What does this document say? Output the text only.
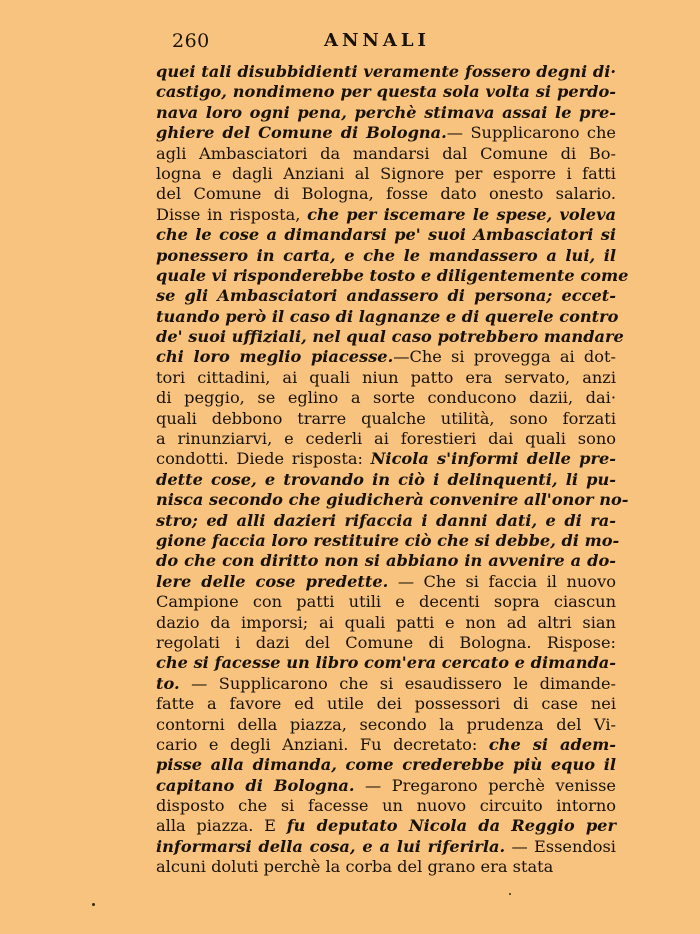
260	ANNALI
quei tali disubbidienti veramente fossero degni di·
castigo, nondimeno per questa sola volta si perdo-
nava loro ogni pena, perchè stimava assai le pre-
ghiere del Comune di Bologna.— Supplicarono che
agli Ambasciatori da mandarsi dal Comune di Bo-
logna e dagli Anziani al Signore per esporre i fatti
del Comune di Bologna, fosse dato onesto salario.
Disse in risposta, che per iscemare le spese, voleva
che le cose a dimandarsi pe' suoi Ambasciatori si
ponessero in carta, e che le mandassero a lui, il
quale vi risponderebbe tosto e diligentemente come
se gli Ambasciatori andassero di persona; eccet-
tuando però il caso di lagnanze e di querele contro
de' suoi uffiziali, nel qual caso potrebbero mandare
chi loro meglio piacesse.—Che si provegga ai dot-
tori cittadini, ai quali niun patto era servato, anzi
di peggio, se eglino a sorte conducono dazii, dai·
quali debbono trarre qualche utilità, sono forzati
a rinunziarvi, e cederli ai forestieri dai quali sono
condotti. Diede risposta: Nicola s'informi delle pre-
dette cose, e trovando in ciò i delinquenti, li pu-
nisca secondo che giudicherà convenire all'onor no-
stro; ed alli dazieri rifaccia i danni dati, e di ra-
gione faccia loro restituire ciò che si debbe, di mo-
do che con diritto non si abbiano in avvenire a do-
lere delle cose predette. — Che si faccia il nuovo
Campione con patti utili e decenti sopra ciascun
dazio da imporsi; ai quali patti e non ad altri sian
regolati i dazi del Comune di Bologna. Rispose:
che si facesse un libro com'era cercato e dimanda-
to. — Supplicarono che si esaudissero le dimande-
fatte a favore ed utile dei possessori di case nei
contorni della piazza, secondo la prudenza del Vi-
cario e degli Anziani. Fu decretato: che si adem-
pisse alla dimanda, come crederebbe più equo il
capitano di Bologna. — Pregarono perchè venisse
disposto che si facesse un nuovo circuito intorno
alla piazza. E fu deputato Nicola da Reggio per
informarsi della cosa, e a lui riferirla. — Essendosi
alcuni doluti perchè la corba del grano era stata
